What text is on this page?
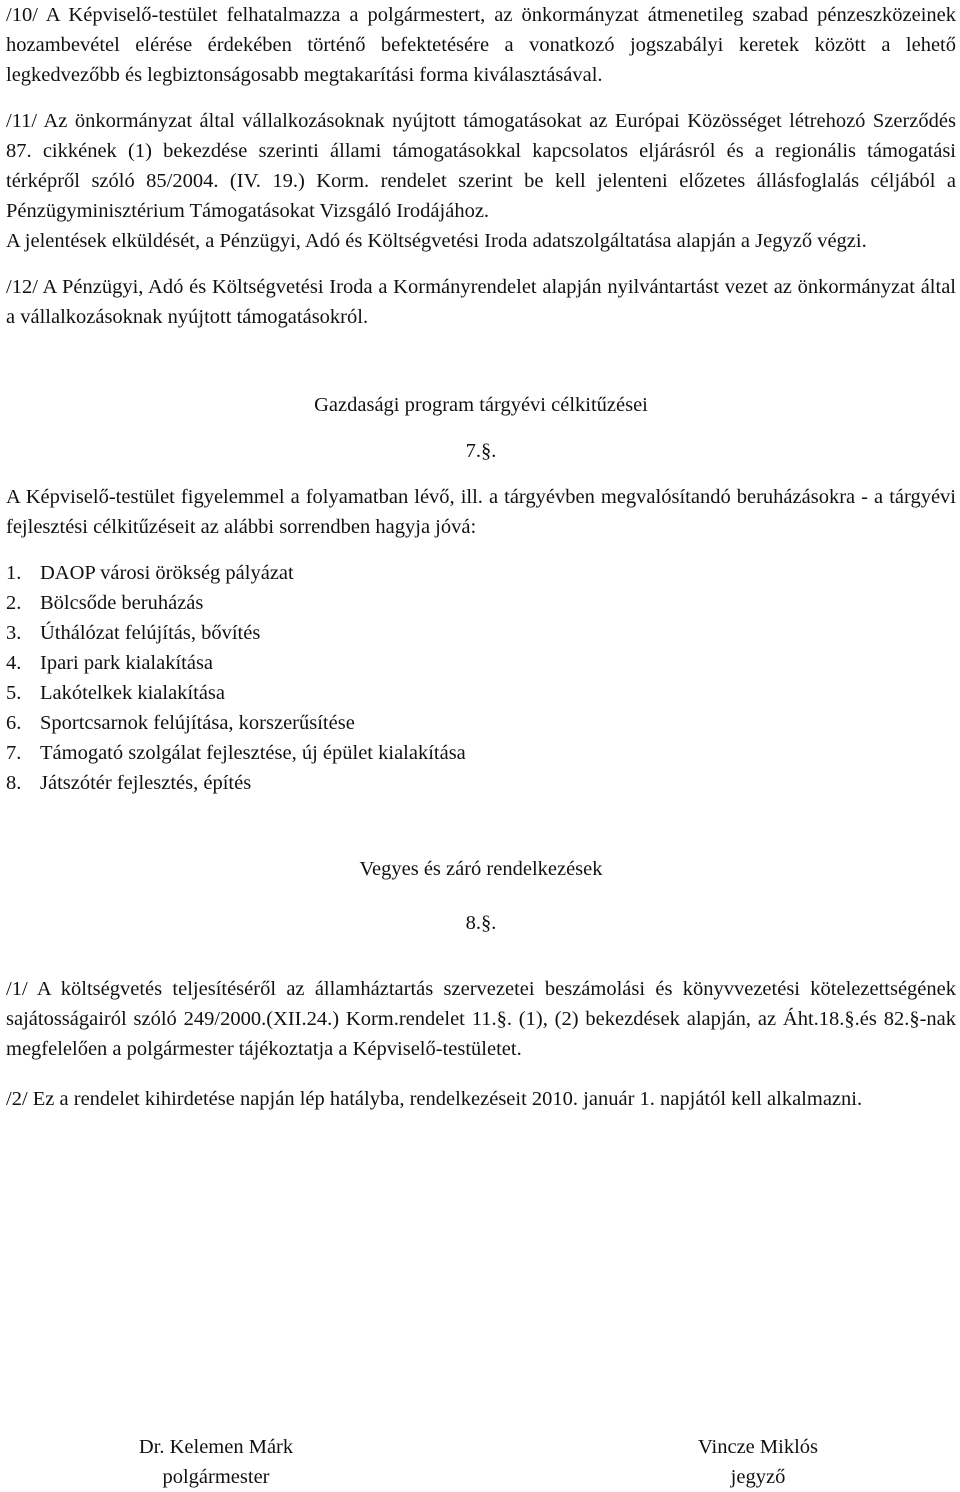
/10/ A Képviselő-testület felhatalmazza a polgármestert, az önkormányzat átmenetileg szabad pénzeszközeinek hozambevétel elérése érdekében történő befektetésére a vonatkozó jogszabályi keretek között a lehető legkedvezőbb és legbiztonságosabb megtakarítási forma kiválasztásával.

/11/ Az önkormányzat által vállalkozásoknak nyújtott támogatásokat az Európai Közösséget létrehozó Szerződés 87. cikkének (1) bekezdése szerinti állami támogatásokkal kapcsolatos eljárásról és a regionális támogatási térképről szóló 85/2004. (IV. 19.) Korm. rendelet szerint be kell jelenteni előzetes állásfoglalás céljából a Pénzügyminisztérium Támogatásokat Vizsgáló Irodájához.

A jelentések elküldését, a Pénzügyi, Adó és Költségvetési Iroda adatszolgáltatása alapján a Jegyző végzi.

/12/ A Pénzügyi, Adó és Költségvetési Iroda a Kormányrendelet alapján nyilvántartást vezet az önkormányzat által a vállalkozásoknak nyújtott támogatásokról.

Gazdasági program tárgyévi célkitűzései

7.§.

A Képviselő-testület figyelemmel a folyamatban lévő, ill. a tárgyévben megvalósítandó beruházásokra - a tárgyévi fejlesztési célkitűzéseit az alábbi sorrendben hagyja jóvá:

1. DAOP városi örökség pályázat
2. Bölcsőde beruházás
3. Úthálózat felújítás, bővítés
4. Ipari park kialakítása
5. Lakótelkek kialakítása
6. Sportcsarnok felújítása, korszerűsítése
7. Támogató szolgálat fejlesztése, új épület kialakítása
8. Játszótér fejlesztés, építés

Vegyes és záró rendelkezések

8.§.

/1/ A költségvetés teljesítéséről az államháztartás szervezetei beszámolási és könyvvezetési kötelezettségének sajátosságairól szóló 249/2000.(XII.24.) Korm.rendelet 11.§. (1), (2) bekezdések alapján, az Áht.18.§.és 82.§-nak megfelelően a polgármester tájékoztatja a Képviselő-testületet.

/2/ Ez a rendelet kihirdetése napján lép hatályba, rendelkezéseit 2010. január 1. napjától kell alkalmazni.

Dr. Kelemen Márk
polgármester
Vincze Miklós
jegyző
